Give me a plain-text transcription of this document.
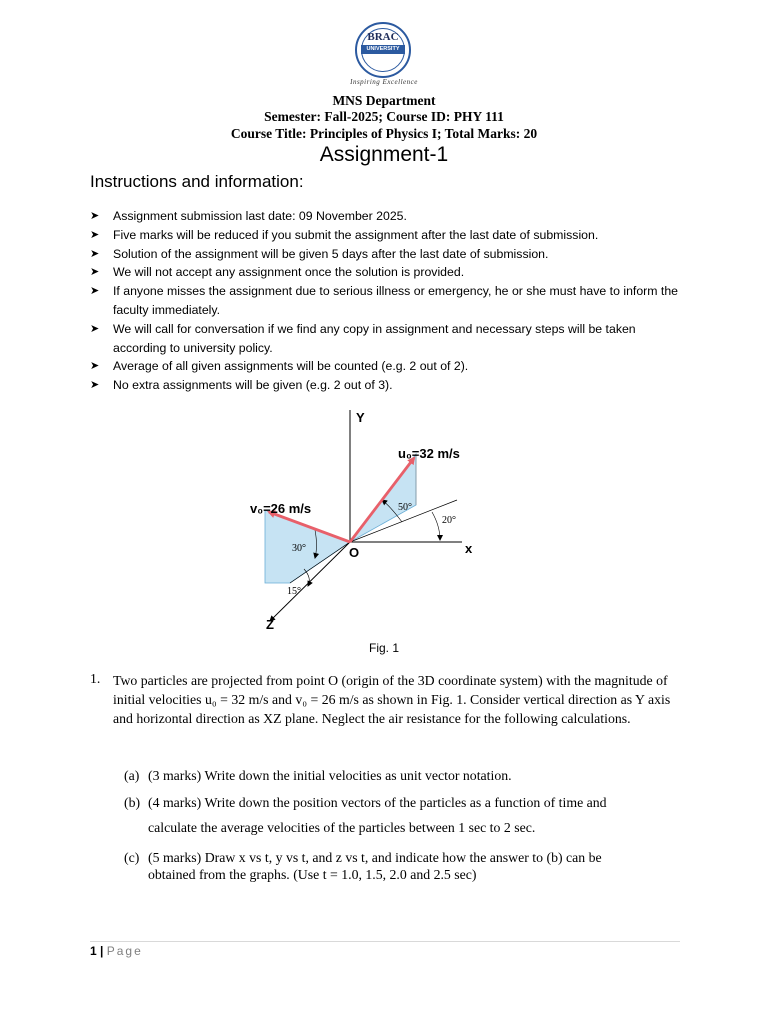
BRAC
UNIVERSITY
Inspiring Excellence
MNS Department
Semester: Fall-2025; Course ID: PHY 111
Course Title: Principles of Physics I; Total Marks: 20
Assignment-1
Instructions and information:
➤ Assignment submission last date: 09 November 2025.
➤ Five marks will be reduced if you submit the assignment after the last date of submission.
➤ Solution of the assignment will be given 5 days after the last date of submission.
➤ We will not accept any assignment once the solution is provided.
➤ If anyone misses the assignment due to serious illness or emergency, he or she must have to inform the faculty immediately.
➤ We will call for conversation if we find any copy in assignment and necessary steps will be taken according to university policy.
➤ Average of all given assignments will be counted (e.g. 2 out of 2).
➤ No extra assignments will be given (e.g. 2 out of 3).
Y
x
Z
O
u₀=32 m/s
v₀=26 m/s	50°
20°
30°
15°
Fig. 1
1. Two particles are projected from point O (origin of the 3D coordinate system) with the magnitude of initial velocities u₀ = 32 m/s and v₀ = 26 m/s as shown in Fig. 1. Consider vertical direction as Y axis and horizontal direction as XZ plane. Neglect the air resistance for the following calculations.
(a) (3 marks) Write down the initial velocities as unit vector notation.
(b) (4 marks) Write down the position vectors of the particles as a function of time and
calculate the average velocities of the particles between 1 sec to 2 sec.
(c) (5 marks) Draw x vs t, y vs t, and z vs t, and indicate how the answer to (b) can be
obtained from the graphs. (Use t = 1.0, 1.5, 2.0 and 2.5 sec)
1 | Page
